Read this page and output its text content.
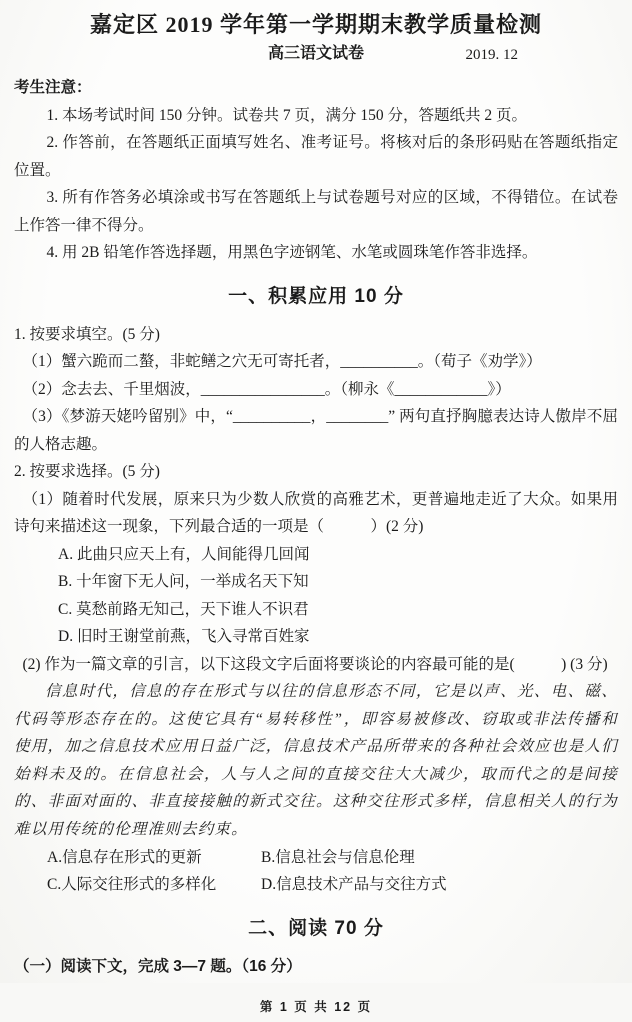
嘉定区 2019 学年第一学期期末教学质量检测
高三语文试卷	2019. 12

考生注意：

1. 本场考试时间 150 分钟。试卷共 7 页，满分 150 分，答题纸共 2 页。

2. 作答前，在答题纸正面填写姓名、准考证号。将核对后的条形码贴在答题纸指定位置。

3. 所有作答务必填涂或书写在答题纸上与试卷题号对应的区域，不得错位。在试卷上作答一律不得分。

4. 用 2B 铅笔作答选择题，用黑色字迹钢笔、水笔或圆珠笔作答非选择。

一、积累应用 10 分

1. 按要求填空。(5 分)

（1）蟹六跪而二螯，非蛇鳝之穴无可寄托者，__________。（荀子《劝学》）

（2）念去去、千里烟波，________________。（柳永《____________》）

（3）《梦游天姥吟留别》中，“__________，________” 两句直抒胸臆表达诗人傲岸不屈的人格志趣。

2. 按要求选择。(5 分)

（1）随着时代发展，原来只为少数人欣赏的高雅艺术，更普遍地走近了大众。如果用诗句来描述这一现象，下列最合适的一项是（　　　）(2 分)

A. 此曲只应天上有，人间能得几回闻

B. 十年窗下无人问，一举成名天下知

C. 莫愁前路无知己，天下谁人不识君

D. 旧时王谢堂前燕，飞入寻常百姓家

(2) 作为一篇文章的引言，以下这段文字后面将要谈论的内容最可能的是(　　　) (3 分)

信息时代，信息的存在形式与以往的信息形态不同，它是以声、光、电、磁、代码等形态存在的。这使它具有“易转移性”，即容易被修改、窃取或非法传播和使用，加之信息技术应用日益广泛，信息技术产品所带来的各种社会效应也是人们始料未及的。在信息社会，人与人之间的直接交往大大减少，取而代之的是间接的、非面对面的、非直接接触的新式交往。这种交往形式多样，信息相关人的行为难以用传统的伦理准则去约束。

A.信息存在形式的更新	B.信息社会与信息伦理

C.人际交往形式的多样化	D.信息技术产品与交往方式

二、阅读 70 分

（一）阅读下文，完成 3—7 题。（16 分）

第 1 页 共 12 页
